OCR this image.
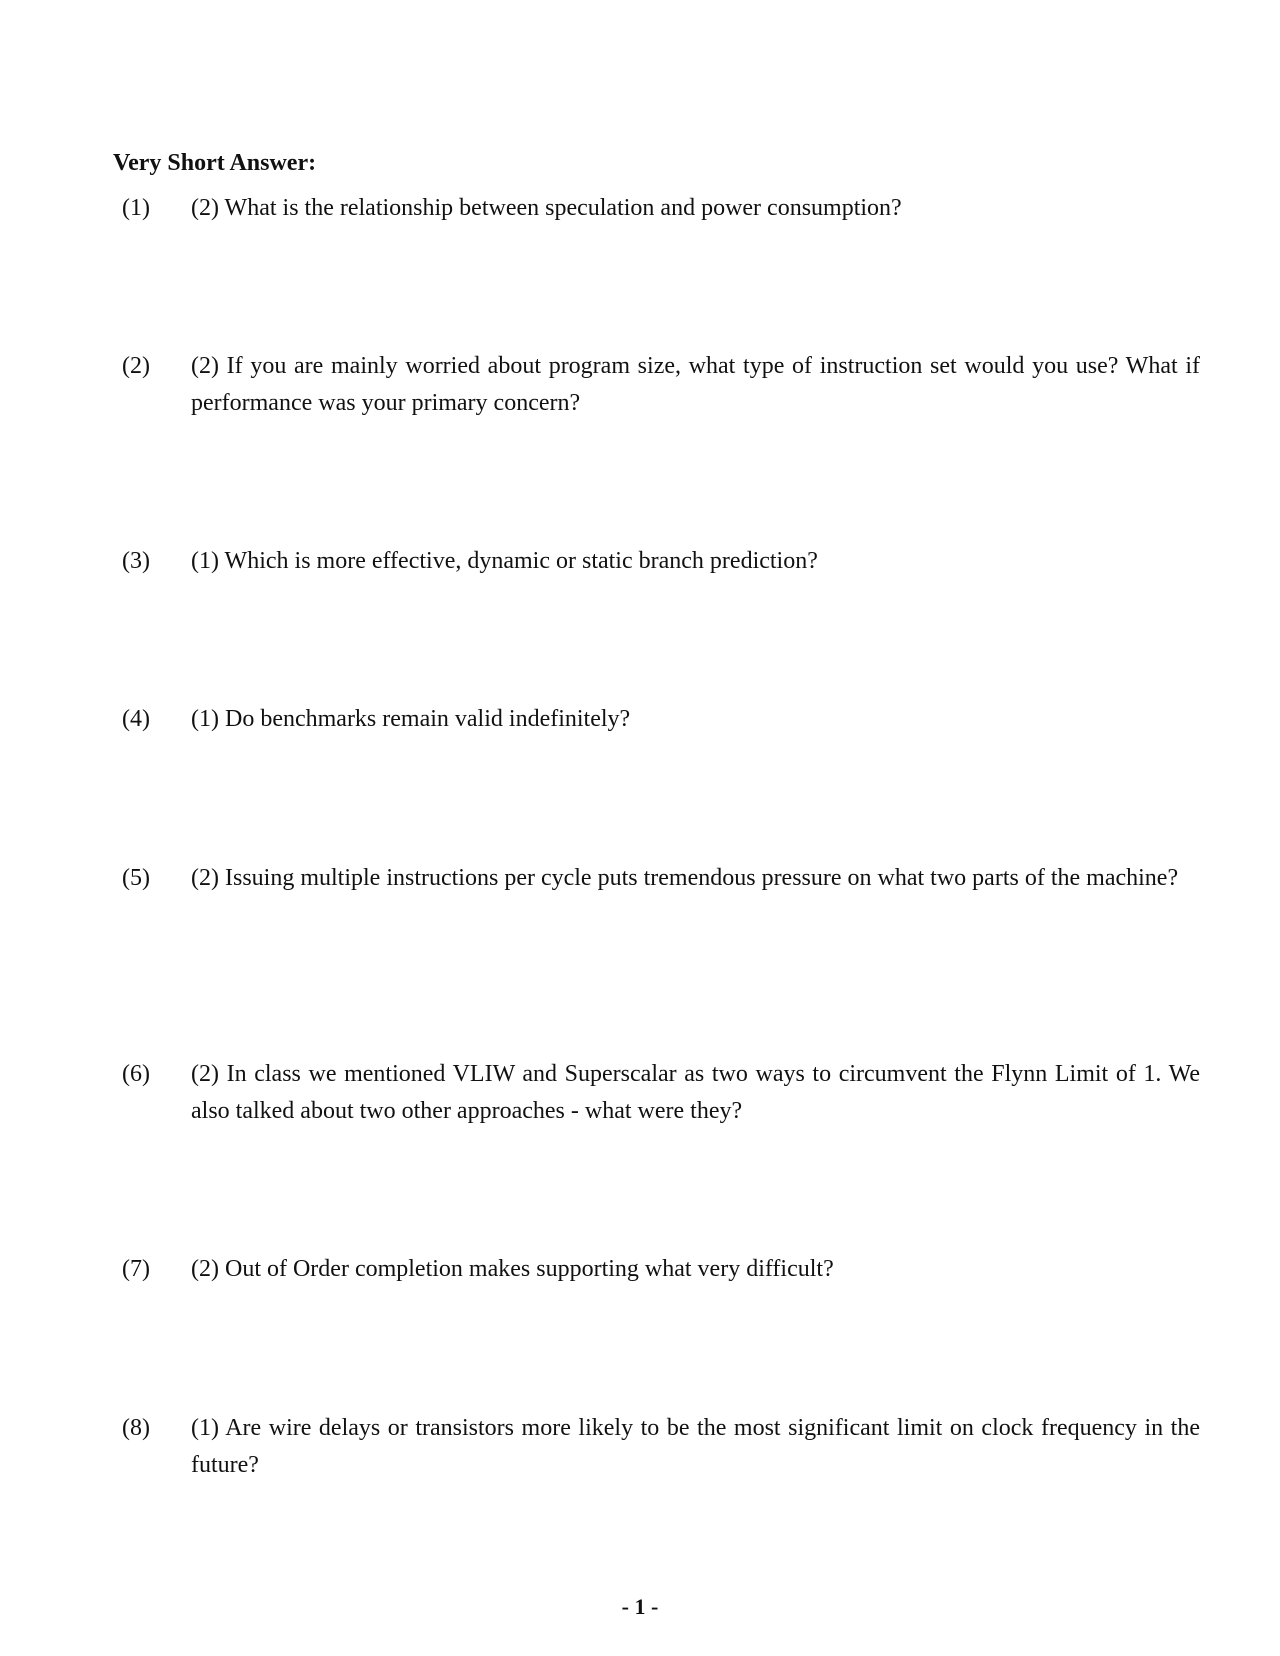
Very Short Answer:
(1)	(2) What is the relationship between speculation and power consumption?
(2)	(2) If you are mainly worried about program size, what type of instruction set would you use? What if performance was your primary concern?
(3)	(1) Which is more effective, dynamic or static branch prediction?
(4)	(1) Do benchmarks remain valid indefinitely?
(5)	(2) Issuing multiple instructions per cycle puts tremendous pressure on what two parts of the machine?
(6)	(2) In class we mentioned VLIW and Superscalar as two ways to circumvent the Flynn Limit of 1. We also talked about two other approaches - what were they?
(7)	(2) Out of Order completion makes supporting what very difficult?
(8)	(1) Are wire delays or transistors more likely to be the most significant limit on clock frequency in the future?
- 1 -
